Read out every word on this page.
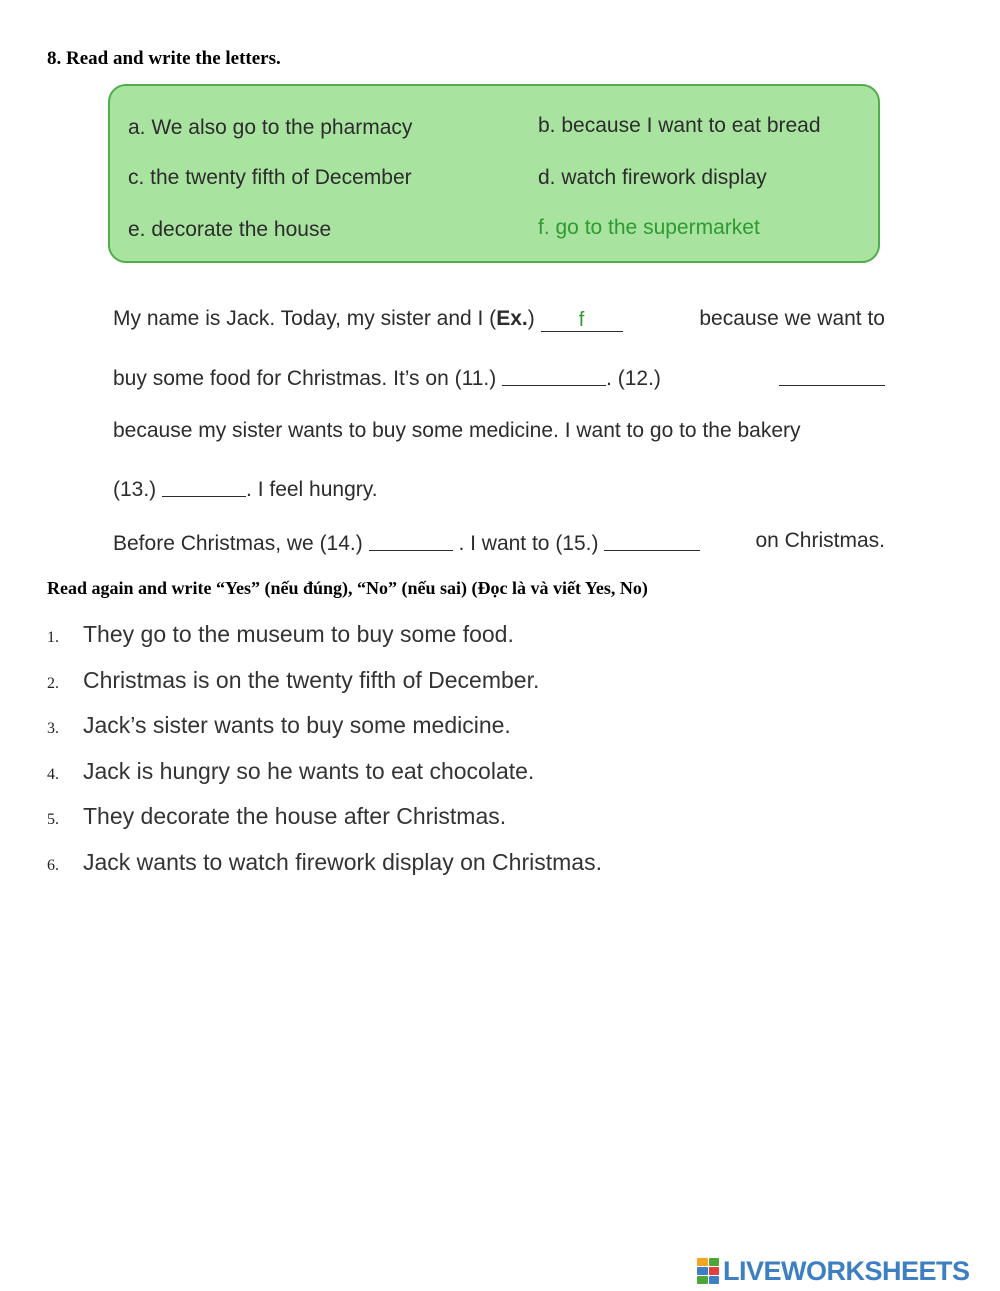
8. Read and write the letters.
a. We also go to the pharmacy	b. because I want to eat bread
c. the twenty fifth of December	d. watch firework display
e. decorate the house	f. go to the supermarket
My name is Jack. Today, my sister and I (Ex.) f	because we want to
buy some food for Christmas. It’s on (11.)	. (12.)
because my sister wants to buy some medicine. I want to go to the bakery
(13.)	. I feel hungry.
Before Christmas, we (14.)	. I want to (15.)	on Christmas.
Read again and write “Yes” (nếu đúng), “No” (nếu sai) (Đọc là và viết Yes, No)
1. They go to the museum to buy some food.
2. Christmas is on the twenty fifth of December.
3. Jack’s sister wants to buy some medicine.
4. Jack is hungry so he wants to eat chocolate.
5. They decorate the house after Christmas.
6. Jack wants to watch firework display on Christmas.
LIVEWORKSHEETS
